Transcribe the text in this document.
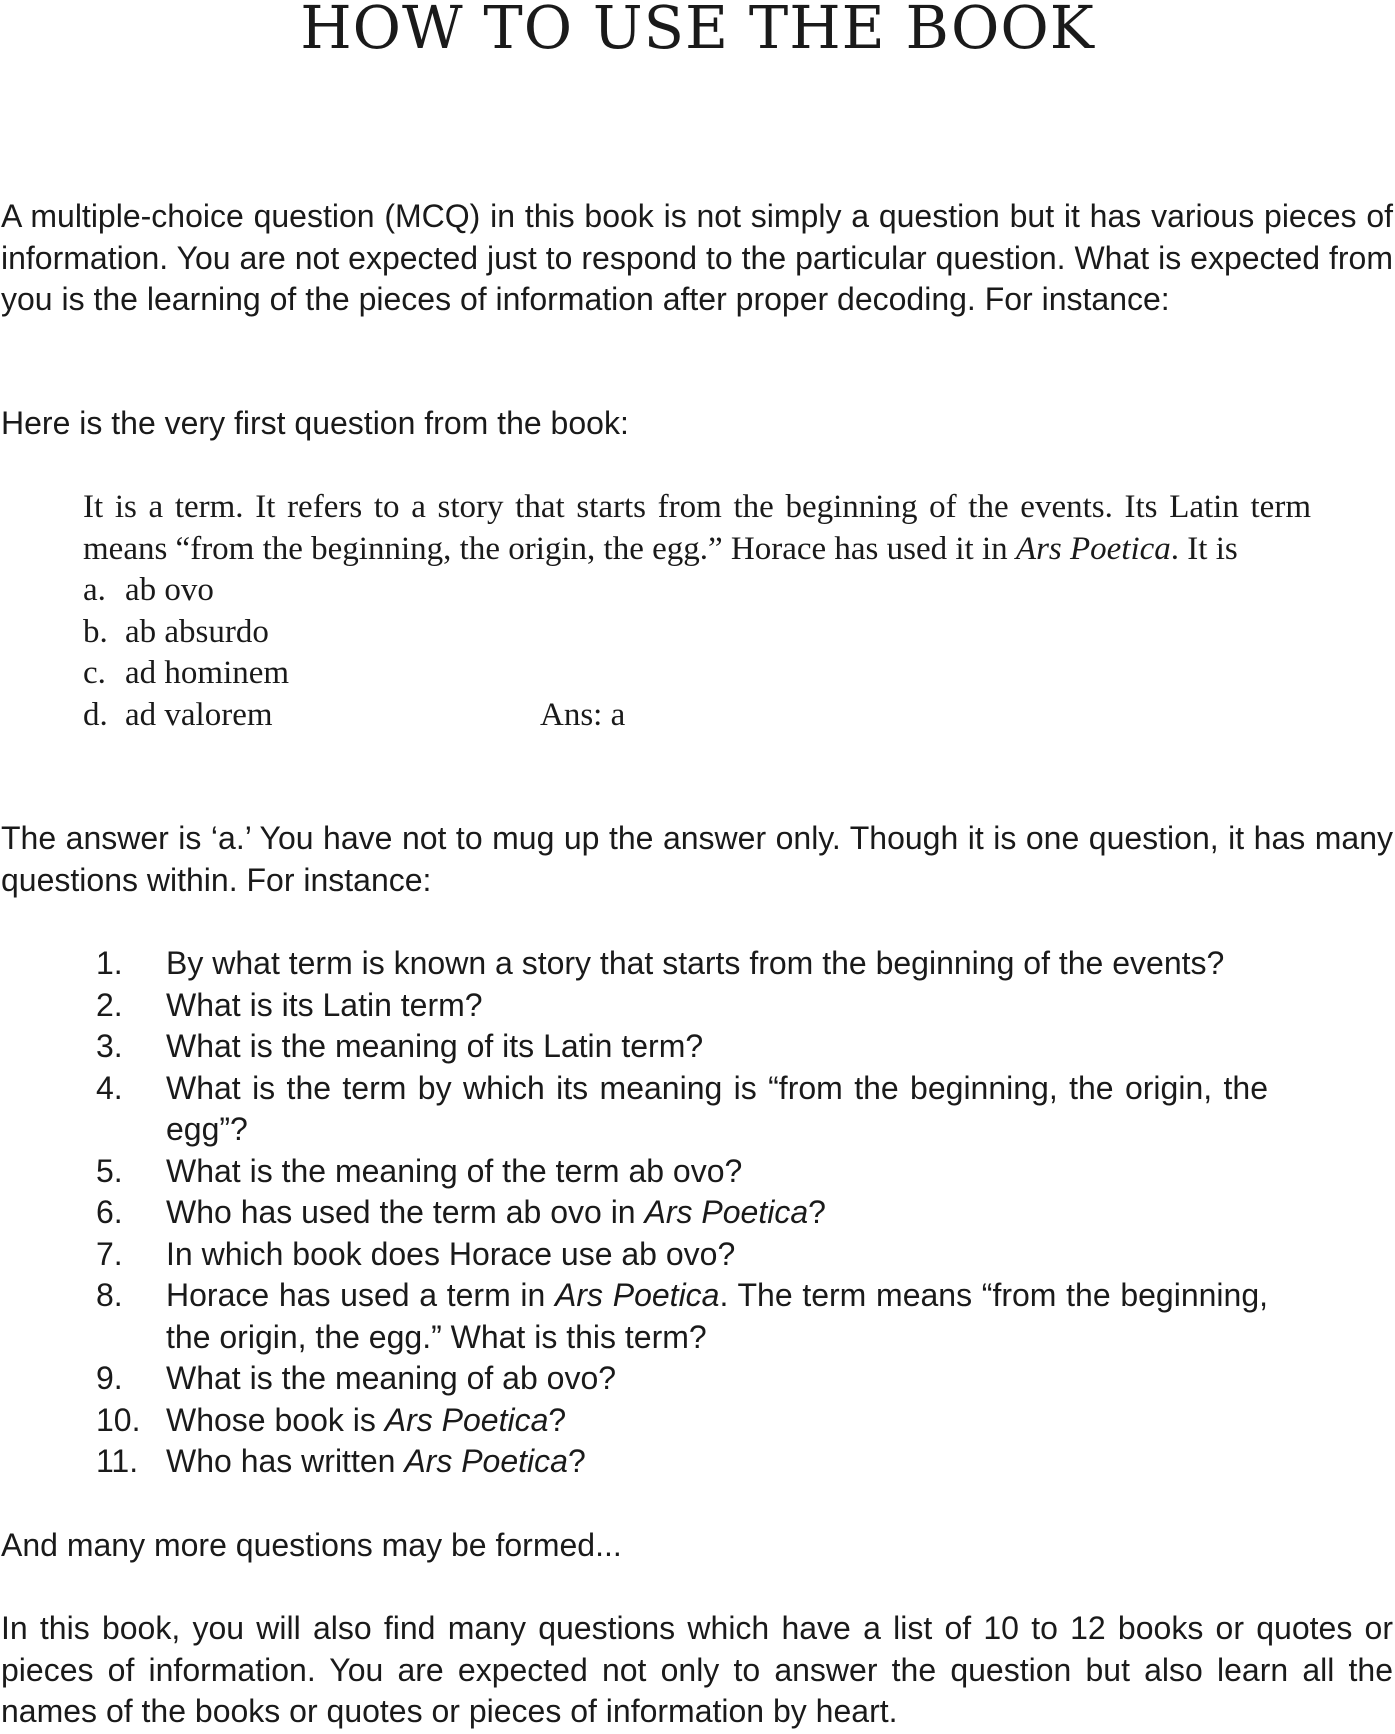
HOW TO USE THE BOOK

A multiple-choice question (MCQ) in this book is not simply a question but it has various pieces of information. You are not expected just to respond to the particular question. What is expected from you is the learning of the pieces of information after proper decoding. For instance:

Here is the very first question from the book:

It is a term. It refers to a story that starts from the beginning of the events. Its Latin term means “from the beginning, the origin, the egg.” Horace has used it in Ars Poetica. It is

a. ab ovo

b. ab absurdo

c. ad hominem

d. ad valorem	Ans: a

The answer is ‘a.’ You have not to mug up the answer only. Though it is one question, it has many questions within. For instance:

1.	By what term is known a story that starts from the beginning of the events?
2.	What is its Latin term?
3.	What is the meaning of its Latin term?
4.	What is the term by which its meaning is “from the beginning, the origin, the egg”?
5.	What is the meaning of the term ab ovo?
6.	Who has used the term ab ovo in Ars Poetica?
7.	In which book does Horace use ab ovo?
8.	Horace has used a term in Ars Poetica. The term means “from the beginning, the origin, the egg.” What is this term?
9.	What is the meaning of ab ovo?
10. Whose book is Ars Poetica?
11. Who has written Ars Poetica?

And many more questions may be formed...

In this book, you will also find many questions which have a list of 10 to 12 books or quotes or pieces of information. You are expected not only to answer the question but also learn all the names of the books or quotes or pieces of information by heart.
